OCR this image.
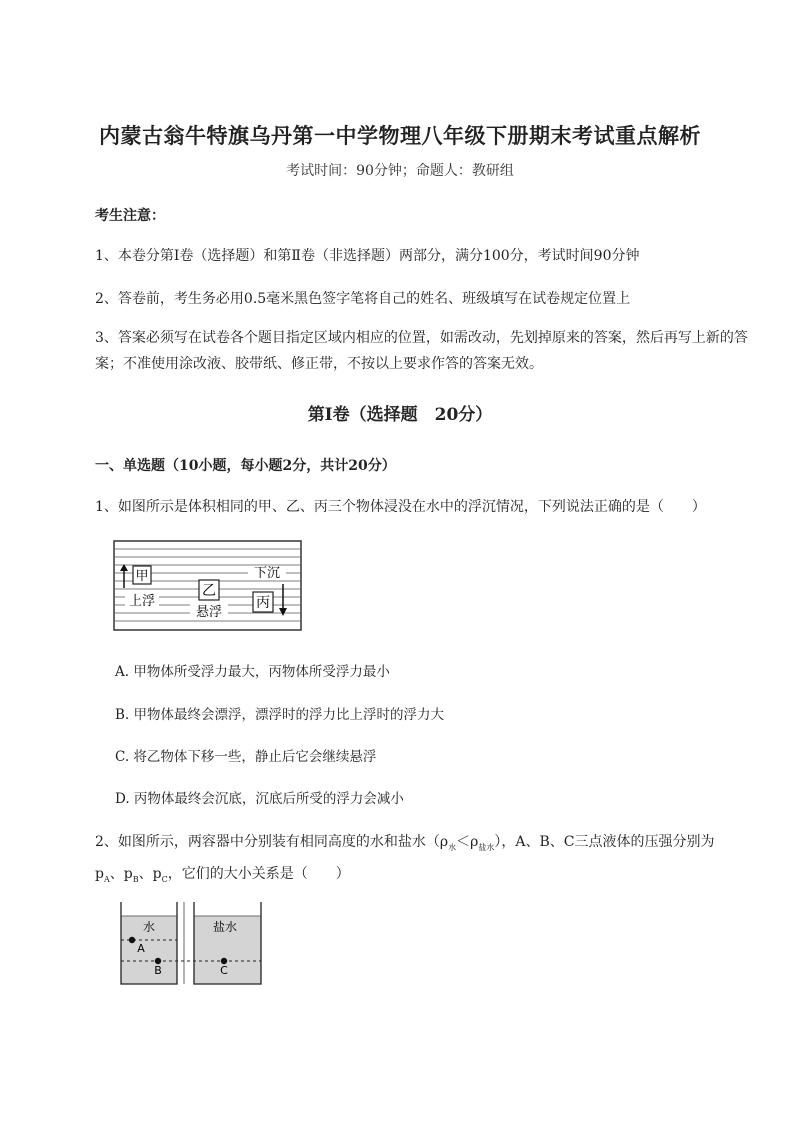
内蒙古翁牛特旗乌丹第一中学物理八年级下册期末考试重点解析
考试时间：90分钟；命题人：教研组
考生注意：
1、本卷分第I卷（选择题）和第Ⅱ卷（非选择题）两部分，满分100分，考试时间90分钟
2、答卷前，考生务必用0.5毫米黑色签字笔将自己的姓名、班级填写在试卷规定位置上
3、答案必须写在试卷各个题目指定区域内相应的位置，如需改动，先划掉原来的答案，然后再写上新的答案；不准使用涂改液、胶带纸、修正带，不按以上要求作答的答案无效。
第I卷（选择题　20分）
一、单选题（10小题，每小题2分，共计20分）
1、如图所示是体积相同的甲、乙、丙三个物体浸没在水中的浮沉情况，下列说法正确的是（　　）
甲
上浮
乙
悬浮
下沉
丙
A. 甲物体所受浮力最大，丙物体所受浮力最小
B. 甲物体最终会漂浮，漂浮时的浮力比上浮时的浮力大
C. 将乙物体下移一些，静止后它会继续悬浮
D. 丙物体最终会沉底，沉底后所受的浮力会减小
2、如图所示，两容器中分别装有相同高度的水和盐水$(\rho_水<\rho_{盐水})$，A、B、C三点液体的压强分别为
$p_A$、$p_B$、$p_C$，它们的大小关系是（　　）
水	盐水
A
B	C
